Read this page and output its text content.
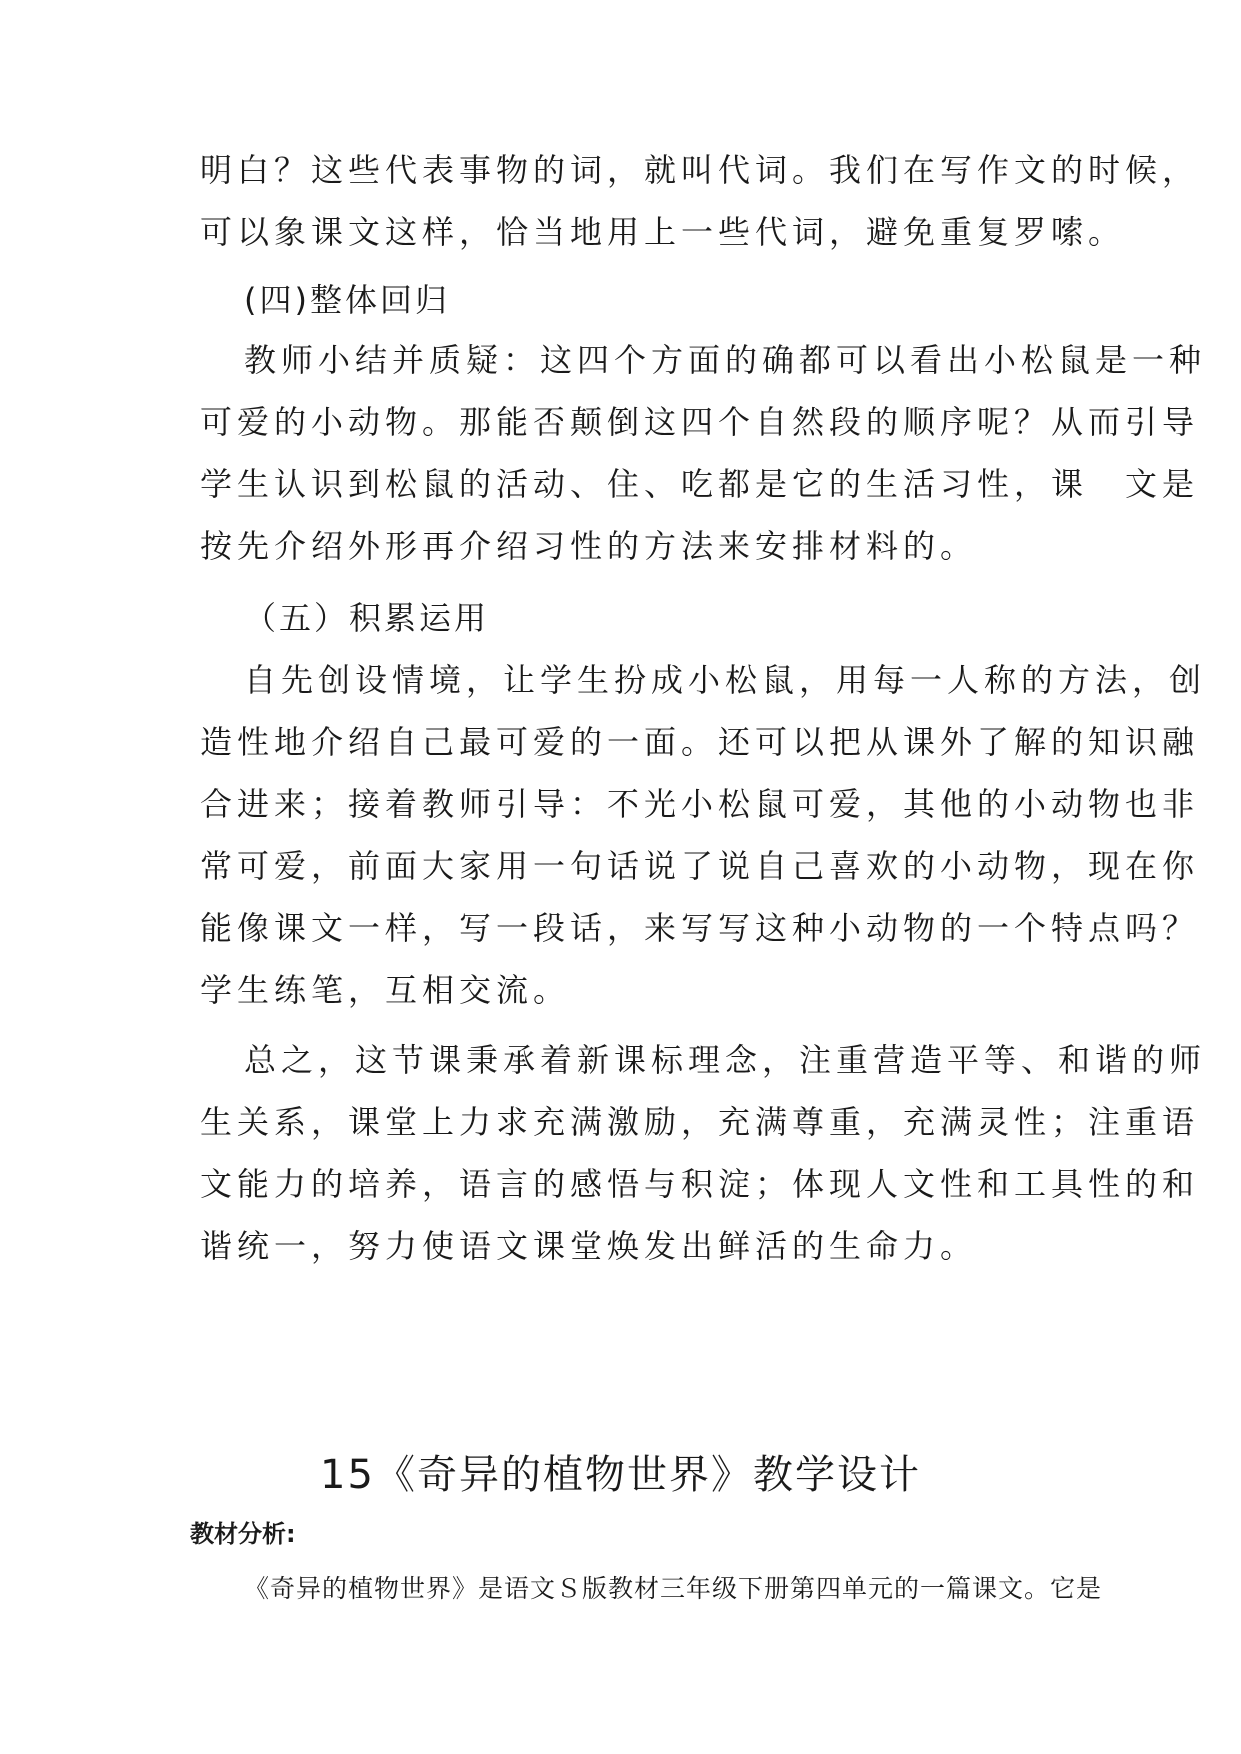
明白？这些代表事物的词，就叫代词。我们在写作文的时候，

可以象课文这样，恰当地用上一些代词，避免重复罗嗦。

(四)整体回归

教师小结并质疑：这四个方面的确都可以看出小松鼠是一种

可爱的小动物。那能否颠倒这四个自然段的顺序呢？从而引导

学生认识到松鼠的活动、住、吃都是它的生活习性，课　文是

按先介绍外形再介绍习性的方法来安排材料的。

（五）积累运用

自先创设情境，让学生扮成小松鼠，用每一人称的方法，创

造性地介绍自己最可爱的一面。还可以把从课外了解的知识融

合进来；接着教师引导：不光小松鼠可爱，其他的小动物也非

常可爱，前面大家用一句话说了说自己喜欢的小动物，现在你

能像课文一样，写一段话，来写写这种小动物的一个特点吗？

学生练笔，互相交流。

总之，这节课秉承着新课标理念，注重营造平等、和谐的师

生关系，课堂上力求充满激励，充满尊重，充满灵性；注重语

文能力的培养，语言的感悟与积淀；体现人文性和工具性的和

谐统一，努力使语文课堂焕发出鲜活的生命力。

15《奇异的植物世界》教学设计
教材分析:

《奇异的植物世界》是语文Ｓ版教材三年级下册第四单元的一篇课文。它是
